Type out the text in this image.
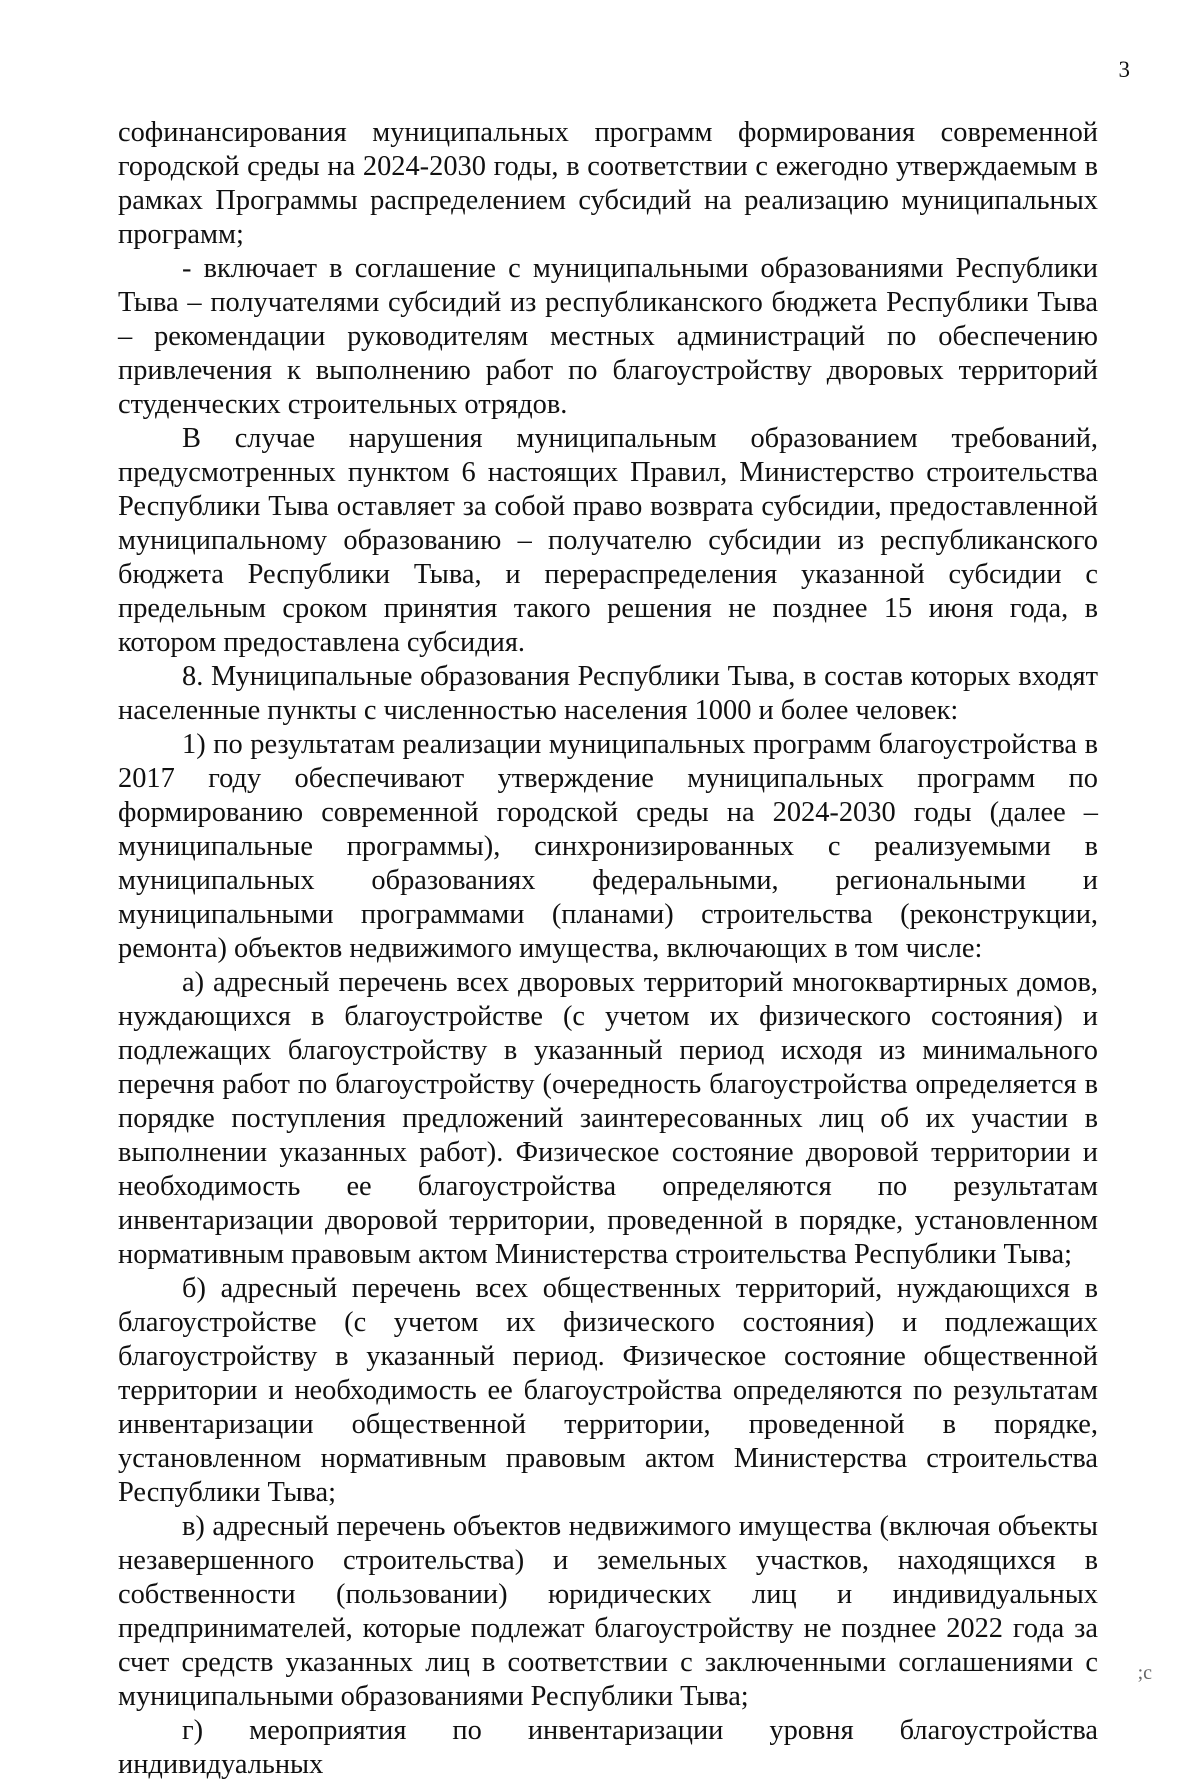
3

софинансирования муниципальных программ формирования современной городской среды на 2024-2030 годы, в соответствии с ежегодно утверждаемым в рамках Программы распределением субсидий на реализацию муниципальных программ;

- включает в соглашение с муниципальными образованиями Республики Тыва – получателями субсидий из республиканского бюджета Республики Тыва – рекомендации руководителям местных администраций по обеспечению привлечения к выполнению работ по благоустройству дворовых территорий студенческих строительных отрядов.

В случае нарушения муниципальным образованием требований, предусмотренных пунктом 6 настоящих Правил, Министерство строительства Республики Тыва оставляет за собой право возврата субсидии, предоставленной муниципальному образованию – получателю субсидии из республиканского бюджета Республики Тыва, и перераспределения указанной субсидии с предельным сроком принятия такого решения не позднее 15 июня года, в котором предоставлена субсидия.

8. Муниципальные образования Республики Тыва, в состав которых входят населенные пункты с численностью населения 1000 и более человек:

1) по результатам реализации муниципальных программ благоустройства в 2017 году обеспечивают утверждение муниципальных программ по формированию современной городской среды на 2024-2030 годы (далее – муниципальные программы), синхронизированных с реализуемыми в муниципальных образованиях федеральными, региональными и муниципальными программами (планами) строительства (реконструкции, ремонта) объектов недвижимого имущества, включающих в том числе:

а) адресный перечень всех дворовых территорий многоквартирных домов, нуждающихся в благоустройстве (с учетом их физического состояния) и подлежащих благоустройству в указанный период исходя из минимального перечня работ по благоустройству (очередность благоустройства определяется в порядке поступления предложений заинтересованных лиц об их участии в выполнении указанных работ). Физическое состояние дворовой территории и необходимость ее благоустройства определяются по результатам инвентаризации дворовой территории, проведенной в порядке, установленном нормативным правовым актом Министерства строительства Республики Тыва;

б) адресный перечень всех общественных территорий, нуждающихся в благоустройстве (с учетом их физического состояния) и подлежащих благоустройству в указанный период. Физическое состояние общественной территории и необходимость ее благоустройства определяются по результатам инвентаризации общественной территории, проведенной в порядке, установленном нормативным правовым актом Министерства строительства Республики Тыва;

в) адресный перечень объектов недвижимого имущества (включая объекты незавершенного строительства) и земельных участков, находящихся в собственности (пользовании) юридических лиц и индивидуальных предпринимателей, которые подлежат благоустройству не позднее 2022 года за счет средств указанных лиц в соответствии с заключенными соглашениями с муниципальными образованиями Республики Тыва;

г) мероприятия по инвентаризации уровня благоустройства индивидуальных

;с
